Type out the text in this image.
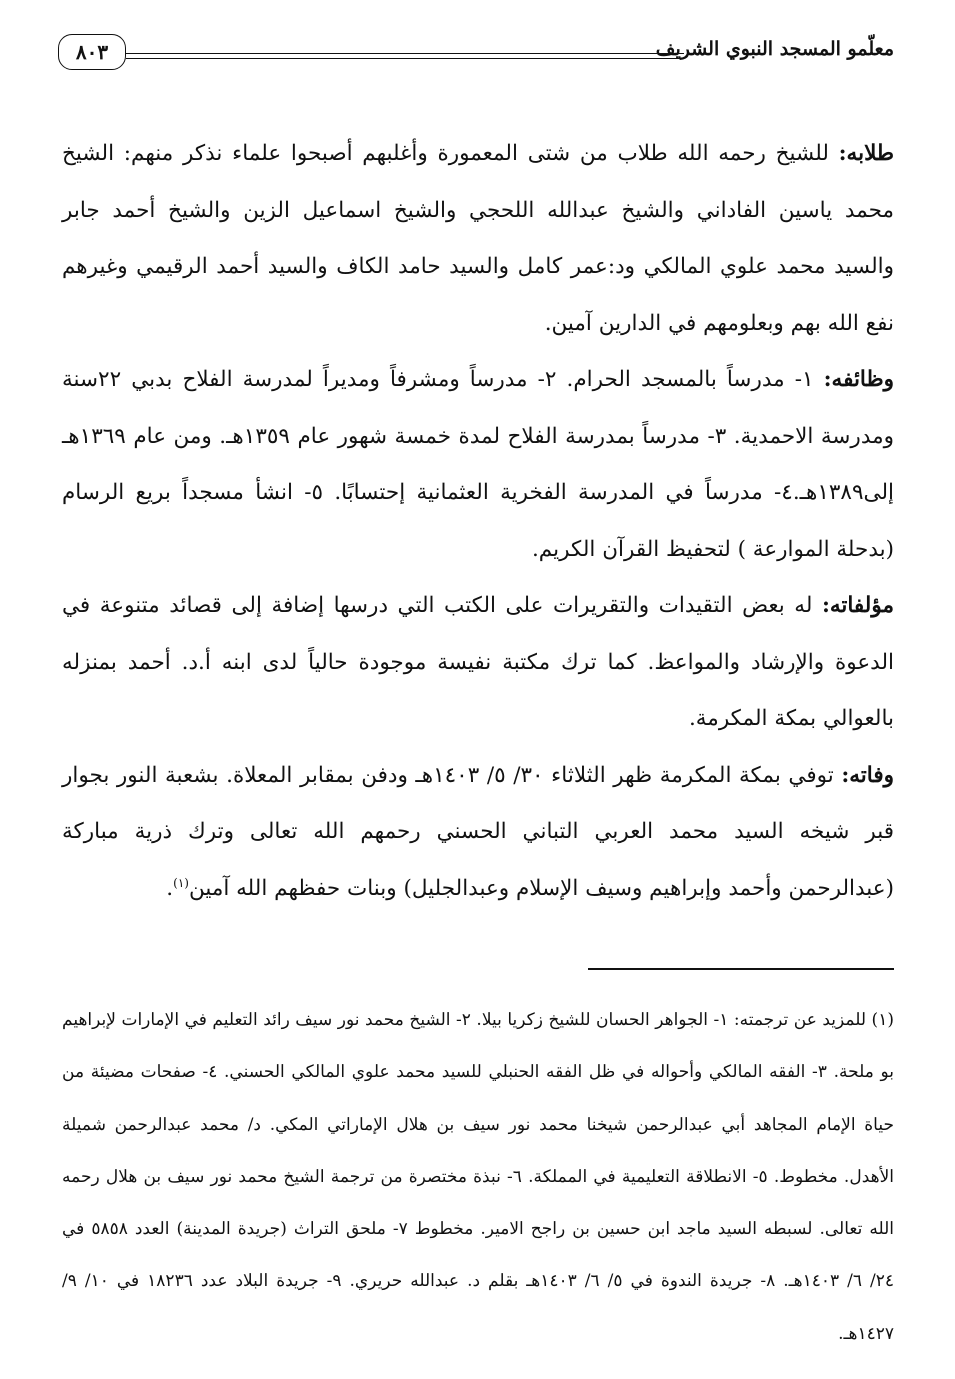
معلّمو المسجد النبوي الشريف
٨٠٣

طلابه: للشيخ رحمه الله طلاب من شتى المعمورة وأغلبهم أصبحوا علماء نذكر منهم: الشيخ محمد ياسين الفاداني والشيخ عبدالله اللحجي والشيخ اسماعيل الزين والشيخ أحمد جابر والسيد محمد علوي المالكي ود:عمر كامل والسيد حامد الكاف والسيد أحمد الرقيمي وغيرهم نفع الله بهم وبعلومهم في الدارين آمين.

وظائفه: ١- مدرساً بالمسجد الحرام. ٢- مدرساً ومشرفاً ومديراً لمدرسة الفلاح بدبي ٢٢سنة ومدرسة الاحمدية. ٣- مدرساً بمدرسة الفلاح لمدة خمسة شهور عام ١٣٥٩هـ. ومن عام ١٣٦٩هـ إلى١٣٨٩هـ.٤- مدرساً في المدرسة الفخرية العثمانية إحتسابًا. ٥- انشأ مسجداً بريع الرسام (بدحلة الموارعة ) لتحفيظ القرآن الكريم.

مؤلفاته: له بعض التقيدات والتقريرات على الكتب التي درسها إضافة إلى قصائد متنوعة في الدعوة والإرشاد والمواعظ. كما ترك مكتبة نفيسة موجودة حالياً لدى ابنه أ.د. أحمد بمنزله بالعوالي بمكة المكرمة.

وفاته: توفي بمكة المكرمة ظهر الثلاثاء ٣٠/ ٥/ ١٤٠٣هـ ودفن بمقابر المعلاة. بشعبة النور بجوار قبر شيخه السيد محمد العربي التباني الحسني رحمهم الله تعالى وترك ذرية مباركة (عبدالرحمن وأحمد وإبراهيم وسيف الإسلام وعبدالجليل) وبنات حفظهم الله آمين$^{(١)}$.

(١) للمزيد عن ترجمته: ١- الجواهر الحسان للشيخ زكريا بيلا. ٢- الشيخ محمد نور سيف رائد التعليم في الإمارات لإبراهيم بو ملحة. ٣- الفقه المالكي وأحواله في ظل الفقه الحنبلي للسيد محمد علوي المالكي الحسني. ٤- صفحات مضيئة من حياة الإمام المجاهد أبي عبدالرحمن شيخنا محمد نور سيف بن هلال الإماراتي المكي. د/ محمد عبدالرحمن شميلة الأهدل. مخطوط. ٥- الانطلاقة التعليمية في المملكة. ٦- نبذة مختصرة من ترجمة الشيخ محمد نور سيف بن هلال رحمه الله تعالى. لسبطه السيد ماجد ابن حسين بن راجح الامير. مخطوط ٧- ملحق التراث (جريدة المدينة) العدد ٥٨٥٨ في ٢٤/ ٦/ ١٤٠٣هـ. ٨- جريدة الندوة في ٥/ ٦/ ١٤٠٣هـ بقلم د. عبدالله حريري. ٩- جريدة البلاد عدد ١٨٢٣٦ في ١٠/ ٩/ ١٤٢٧هـ.
